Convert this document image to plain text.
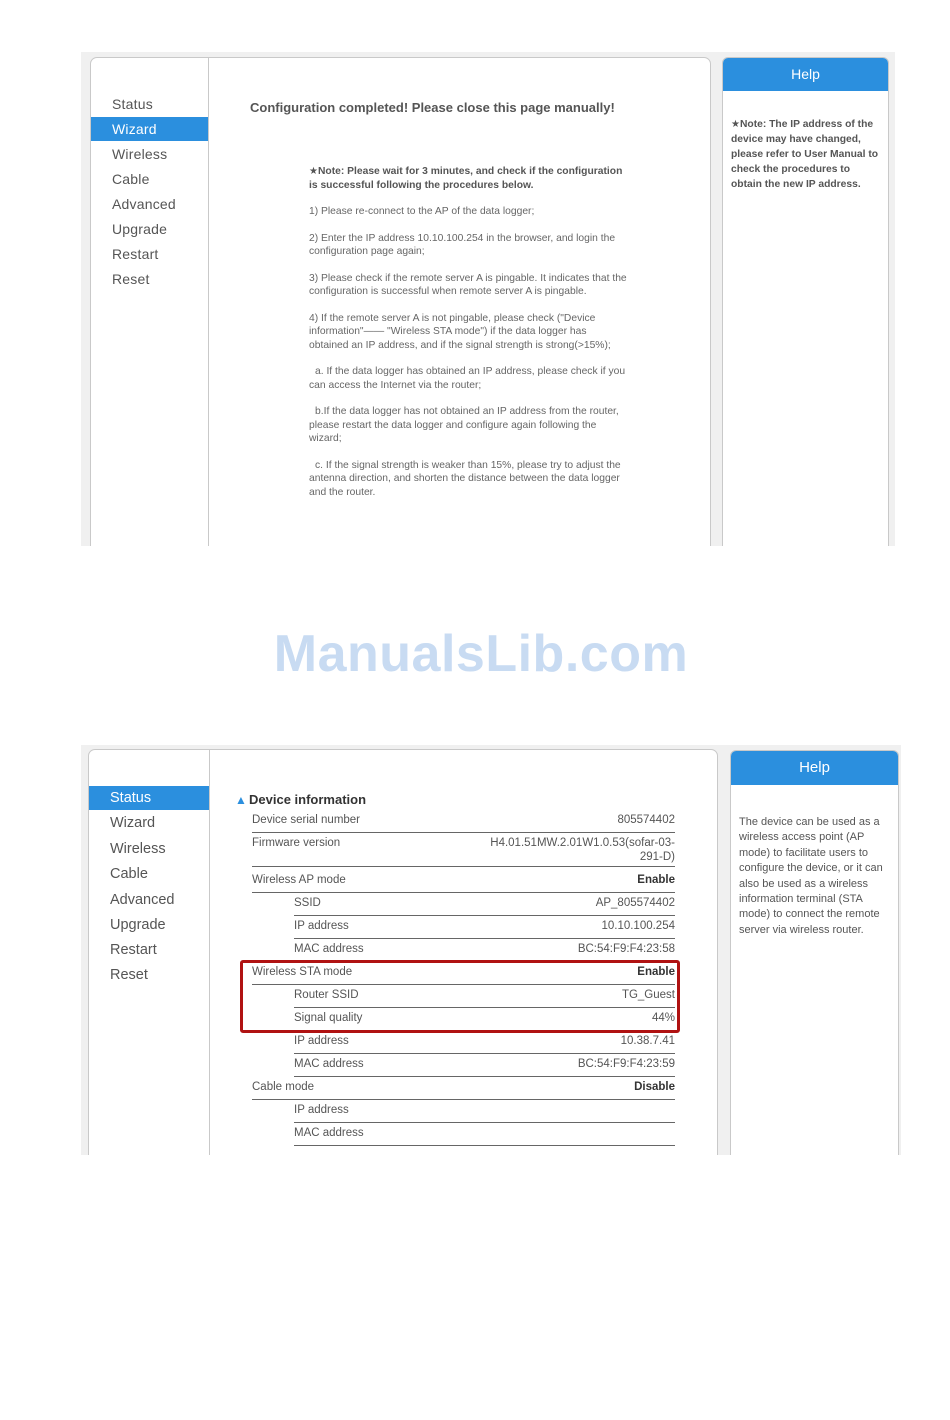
Status
Wizard
Wireless
Cable
Advanced
Upgrade
Restart
Reset
Configuration completed! Please close this page manually!

★Note: Please wait for 3 minutes, and check if the configuration is successful following the procedures below.

1) Please re-connect to the AP of the data logger;

2) Enter the IP address 10.10.100.254 in the browser, and login the configuration page again;

3) Please check if the remote server A is pingable. It indicates that the configuration is successful when remote server A is pingable.

4) If the remote server A is not pingable, please check ("Device information"—— "Wireless STA mode") if the data logger has obtained an IP address, and if the signal strength is strong(>15%);

a. If the data logger has obtained an IP address, please check if you can access the Internet via the router;

b.If the data logger has not obtained an IP address from the router, please restart the data logger and configure again following the wizard;

c. If the signal strength is weaker than 15%, please try to adjust the antenna direction, and shorten the distance between the data logger and the router.

Help
★Note: The IP address of the device may have changed, please refer to User Manual to check the procedures to obtain the new IP address.
ManualsLib.com
Status
Wizard
Wireless
Cable
Advanced
Upgrade
Restart
Reset
▲ Device information
Device serial number	805574402
Firmware version	H4.01.51MW.2.01W1.0.53(sofar-03-291-D)
Wireless AP mode	Enable
SSID	AP_805574402
IP address	10.10.100.254
MAC address	BC:54:F9:F4:23:58
Wireless STA mode	Enable
Router SSID	TG_Guest
Signal quality	44%
IP address	10.38.7.41
MAC address	BC:54:F9:F4:23:59
Cable mode	Disable
IP address
MAC address
Help
The device can be used as a wireless access point (AP mode) to facilitate users to configure the device, or it can also be used as a wireless information terminal (STA mode) to connect the remote server via wireless router.
